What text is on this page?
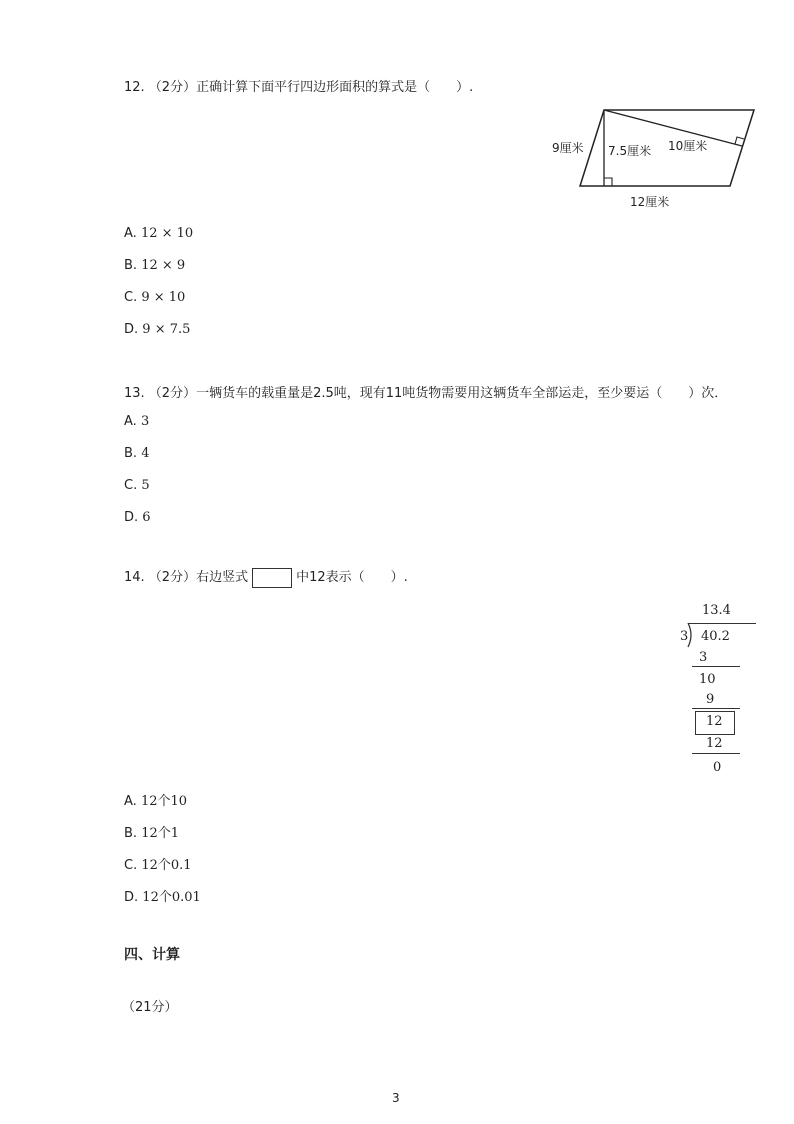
12. （2分）正确计算下面平行四边形面积的算式是（　　）.
9厘米 7.5厘米 10厘米
12厘米
A. 12 × 10
B. 12 × 9
C. 9 × 10
D. 9 × 7.5
13. （2分）一辆货车的载重量是2.5吨，现有11吨货物需要用这辆货车全部运走，至少要运（　　）次．
A. 3
B. 4
C. 5
D. 6
14. （2分）右边竖式	中12表示（　　）.
13.4
3 40.2
3
10
9
12
12
0
A. 12个10
B. 12个1
C. 12个0.1
D. 12个0.01
四、计算
（21分）
3
